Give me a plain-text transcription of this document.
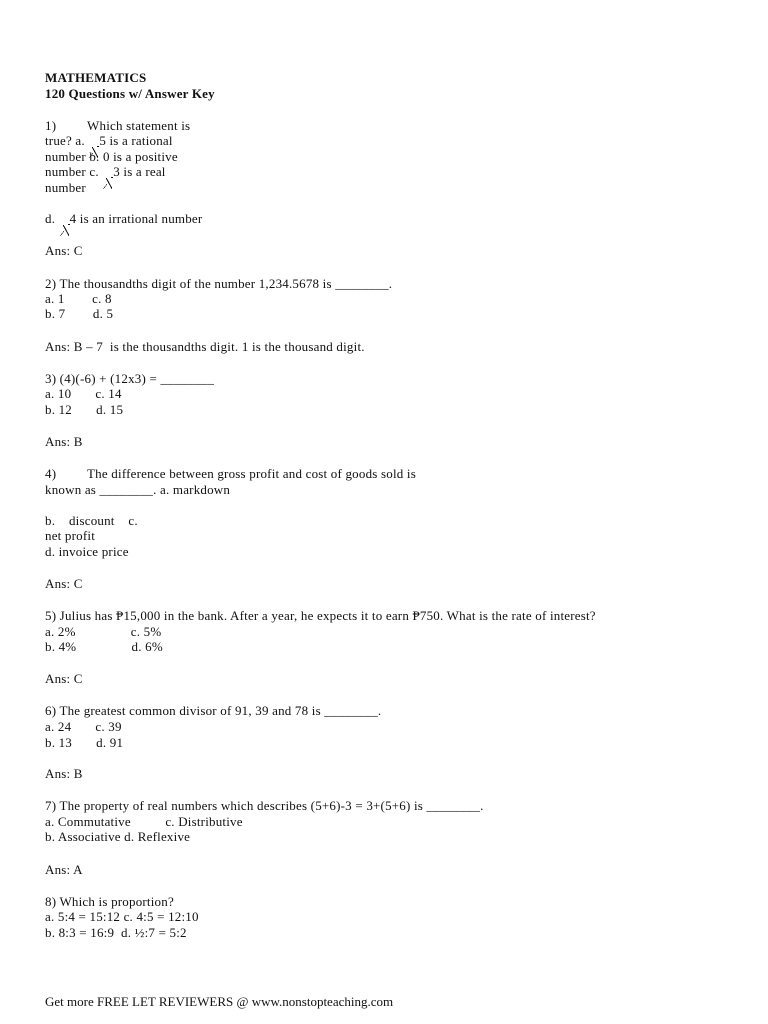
MATHEMATICS
120 Questions w/ Answer Key
1)         Which statement is
true? a. 5 is a rational
number b. 0 is a positive
number c. 3 is a real
number
d. 4 is an irrational number
Ans: C
2) The thousandths digit of the number 1,234.5678 is ________.
a. 1        c. 8
b. 7        d. 5
Ans: B – 7  is the thousandths digit. 1 is the thousand digit.
3) (4)(-6) + (12x3) = ________
a. 10       c. 14
b. 12       d. 15
Ans: B
4)         The difference between gross profit and cost of goods sold is
known as ________. a. markdown
b.    discount    c.
net profit
d. invoice price
Ans: C
5) Julius has ₱15,000 in the bank. After a year, he expects it to earn ₱750. What is the rate of interest?
a. 2%                c. 5%
b. 4%                d. 6%
Ans: C
6) The greatest common divisor of 91, 39 and 78 is ________.
a. 24       c. 39
b. 13       d. 91
Ans: B
7) The property of real numbers which describes (5+6)-3 = 3+(5+6) is ________.
a. Commutative          c. Distributive
b. Associative d. Reflexive
Ans: A
8) Which is proportion?
a. 5:4 = 15:12 c. 4:5 = 12:10
b. 8:3 = 16:9  d. ½:7 = 5:2
Get more FREE LET REVIEWERS @ www.nonstopteaching.com
